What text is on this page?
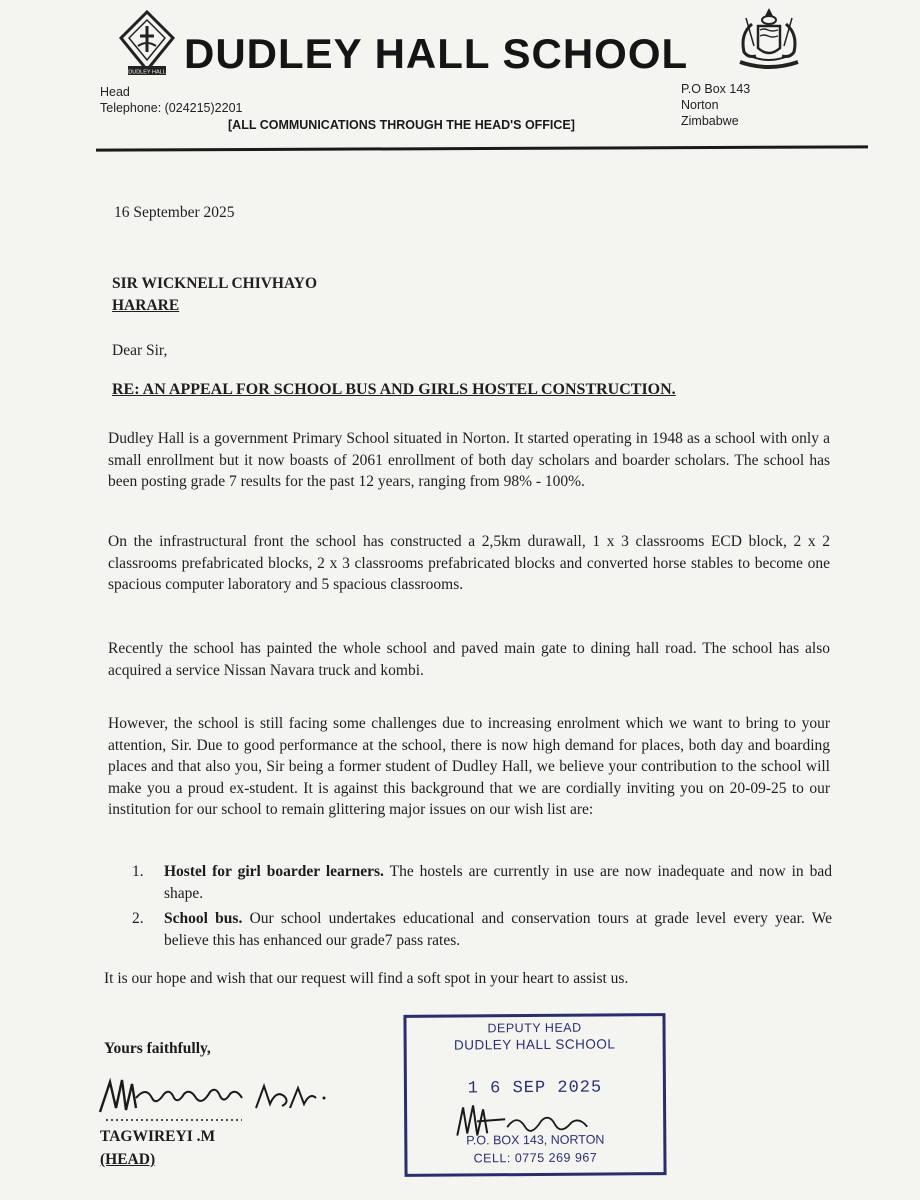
DUDLEY HALL DUDLEY HALL SCHOOL
Head
Telephone: (024215)2201
[ALL COMMUNICATIONS THROUGH THE HEAD'S OFFICE]
P.O Box 143
Norton
Zimbabwe
16 September 2025
SIR WICKNELL CHIVHAYO
HARARE
Dear Sir,
RE: AN APPEAL FOR SCHOOL BUS AND GIRLS HOSTEL CONSTRUCTION.
Dudley Hall is a government Primary School situated in Norton. It started operating in 1948 as a school with only a small enrollment but it now boasts of 2061 enrollment of both day scholars and boarder scholars. The school has been posting grade 7 results for the past 12 years, ranging from 98% - 100%.
On the infrastructural front the school has constructed a 2,5km durawall, 1 x 3 classrooms ECD block, 2 x 2 classrooms prefabricated blocks, 2 x 3 classrooms prefabricated blocks and converted horse stables to become one spacious computer laboratory and 5 spacious classrooms.
Recently the school has painted the whole school and paved main gate to dining hall road. The school has also acquired a service Nissan Navara truck and kombi.
However, the school is still facing some challenges due to increasing enrolment which we want to bring to your attention, Sir. Due to good performance at the school, there is now high demand for places, both day and boarding places and that also you, Sir being a former student of Dudley Hall, we believe your contribution to the school will make you a proud ex-student. It is against this background that we are cordially inviting you on 20-09-25 to our institution for our school to remain glittering major issues on our wish list are:
1. Hostel for girl boarder learners. The hostels are currently in use are now inadequate and now in bad shape.
2. School bus. Our school undertakes educational and conservation tours at grade level every year. We believe this has enhanced our grade7 pass rates.
It is our hope and wish that our request will find a soft spot in your heart to assist us.
Yours faithfully,
TAGWIREYI .M
(HEAD)
DEPUTY HEAD
DUDLEY HALL SCHOOL
1 6 SEP 2025
P.O. BOX 143, NORTON
CELL: 0775 269 967
